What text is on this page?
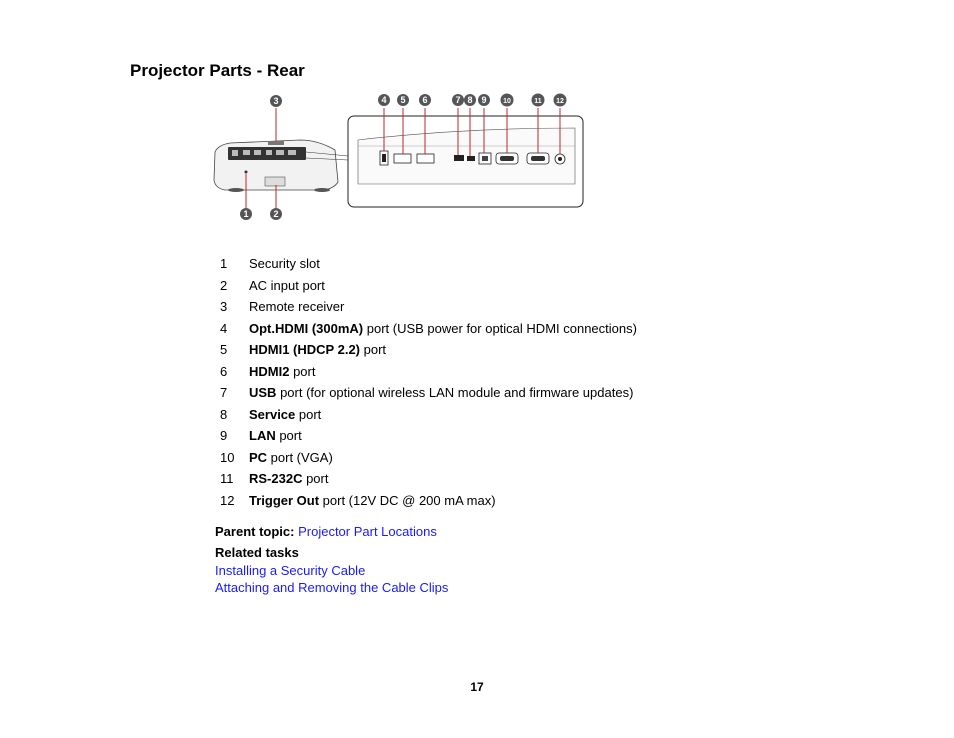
Projector Parts - Rear
3
1	2
4 5 6	7 8 9 10	11 12
1 Security slot
2 AC input port
3 Remote receiver
4 Opt.HDMI (300mA) port (USB power for optical HDMI connections)
5 HDMI1 (HDCP 2.2) port
6 HDMI2 port
7 USB port (for optional wireless LAN module and firmware updates)
8 Service port
9 LAN port
10 PC port (VGA)
11 RS-232C port
12 Trigger Out port (12V DC @ 200 mA max)
Parent topic: Projector Part Locations
Related tasks
Installing a Security Cable
Attaching and Removing the Cable Clips
17
